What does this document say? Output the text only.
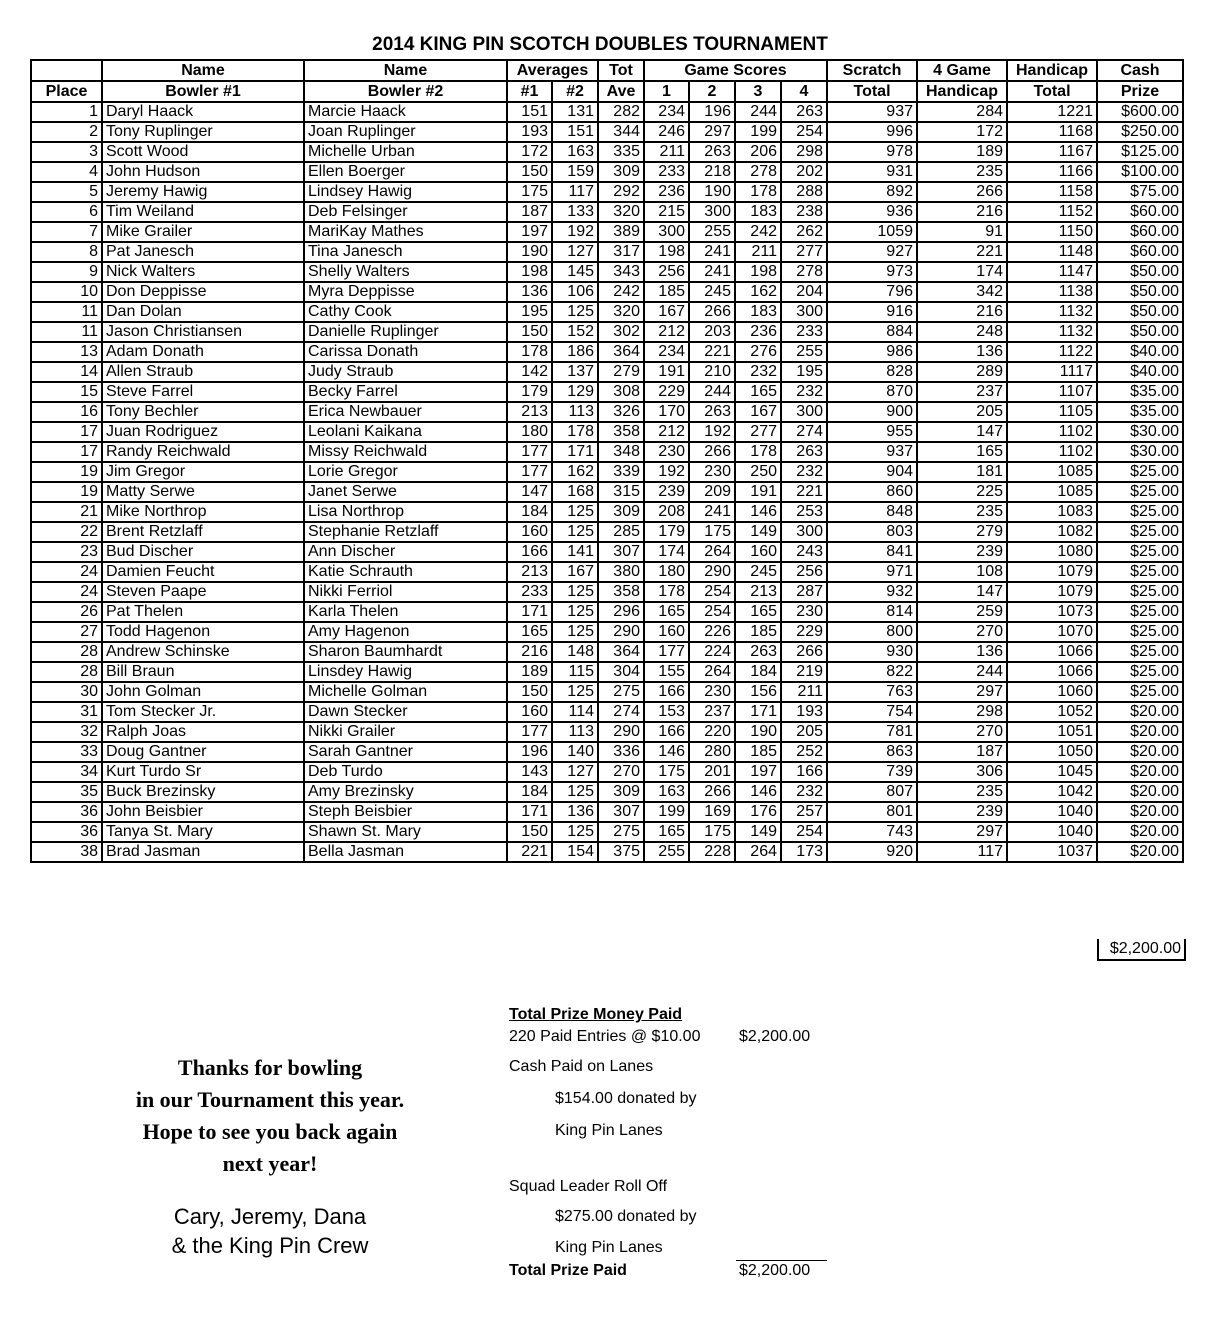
2014 KING PIN SCOTCH DOUBLES TOURNAMENT
	Name	Name	Averages		Tot	Game Scores				Scratch	4 Game	Handicap	Cash
Place	Bowler #1	Bowler #2	#1	#2	Ave	1	2	3	4	Total	Handicap	Total	Prize
1	Daryl Haack	Marcie Haack	151	131	282	234	196	244	263	937	284	1221	$600.00
2	Tony Ruplinger	Joan Ruplinger	193	151	344	246	297	199	254	996	172	1168	$250.00
3	Scott Wood	Michelle Urban	172	163	335	211	263	206	298	978	189	1167	$125.00
4	John Hudson	Ellen Boerger	150	159	309	233	218	278	202	931	235	1166	$100.00
5	Jeremy Hawig	Lindsey Hawig	175	117	292	236	190	178	288	892	266	1158	$75.00
6	Tim Weiland	Deb Felsinger	187	133	320	215	300	183	238	936	216	1152	$60.00
7	Mike Grailer	MariKay Mathes	197	192	389	300	255	242	262	1059	91	1150	$60.00
8	Pat Janesch	Tina Janesch	190	127	317	198	241	211	277	927	221	1148	$60.00
9	Nick Walters	Shelly Walters	198	145	343	256	241	198	278	973	174	1147	$50.00
10	Don Deppisse	Myra Deppisse	136	106	242	185	245	162	204	796	342	1138	$50.00
11	Dan Dolan	Cathy Cook	195	125	320	167	266	183	300	916	216	1132	$50.00
11	Jason Christiansen	Danielle Ruplinger	150	152	302	212	203	236	233	884	248	1132	$50.00
13	Adam Donath	Carissa Donath	178	186	364	234	221	276	255	986	136	1122	$40.00
14	Allen Straub	Judy Straub	142	137	279	191	210	232	195	828	289	1117	$40.00
15	Steve Farrel	Becky Farrel	179	129	308	229	244	165	232	870	237	1107	$35.00
16	Tony Bechler	Erica Newbauer	213	113	326	170	263	167	300	900	205	1105	$35.00
17	Juan Rodriguez	Leolani Kaikana	180	178	358	212	192	277	274	955	147	1102	$30.00
17	Randy Reichwald	Missy Reichwald	177	171	348	230	266	178	263	937	165	1102	$30.00
19	Jim Gregor	Lorie Gregor	177	162	339	192	230	250	232	904	181	1085	$25.00
19	Matty Serwe	Janet Serwe	147	168	315	239	209	191	221	860	225	1085	$25.00
21	Mike Northrop	Lisa Northrop	184	125	309	208	241	146	253	848	235	1083	$25.00
22	Brent Retzlaff	Stephanie Retzlaff	160	125	285	179	175	149	300	803	279	1082	$25.00
23	Bud Discher	Ann Discher	166	141	307	174	264	160	243	841	239	1080	$25.00
24	Damien Feucht	Katie Schrauth	213	167	380	180	290	245	256	971	108	1079	$25.00
24	Steven Paape	Nikki Ferriol	233	125	358	178	254	213	287	932	147	1079	$25.00
26	Pat Thelen	Karla Thelen	171	125	296	165	254	165	230	814	259	1073	$25.00
27	Todd Hagenon	Amy Hagenon	165	125	290	160	226	185	229	800	270	1070	$25.00
28	Andrew Schinske	Sharon Baumhardt	216	148	364	177	224	263	266	930	136	1066	$25.00
28	Bill Braun	Linsdey Hawig	189	115	304	155	264	184	219	822	244	1066	$25.00
30	John Golman	Michelle Golman	150	125	275	166	230	156	211	763	297	1060	$25.00
31	Tom Stecker Jr.	Dawn Stecker	160	114	274	153	237	171	193	754	298	1052	$20.00
32	Ralph Joas	Nikki Grailer	177	113	290	166	220	190	205	781	270	1051	$20.00
33	Doug Gantner	Sarah Gantner	196	140	336	146	280	185	252	863	187	1050	$20.00
34	Kurt Turdo Sr	Deb Turdo	143	127	270	175	201	197	166	739	306	1045	$20.00
35	Buck Brezinsky	Amy Brezinsky	184	125	309	163	266	146	232	807	235	1042	$20.00
36	John Beisbier	Steph Beisbier	171	136	307	199	169	176	257	801	239	1040	$20.00
36	Tanya St. Mary	Shawn St. Mary	150	125	275	165	175	149	254	743	297	1040	$20.00
38	Brad Jasman	Bella Jasman	221	154	375	255	228	264	173	920	117	1037	$20.00
$2,200.00
Thanks for bowling
in our Tournament this year.
Hope to see you back again
next year!
Cary, Jeremy, Dana
& the King Pin Crew
Total Prize Money Paid
220 Paid Entries @ $10.00 $2,200.00
Cash Paid on Lanes
$154.00 donated by
King Pin Lanes
Squad Leader Roll Off
$275.00 donated by
King Pin Lanes
Total Prize Paid	$2,200.00
